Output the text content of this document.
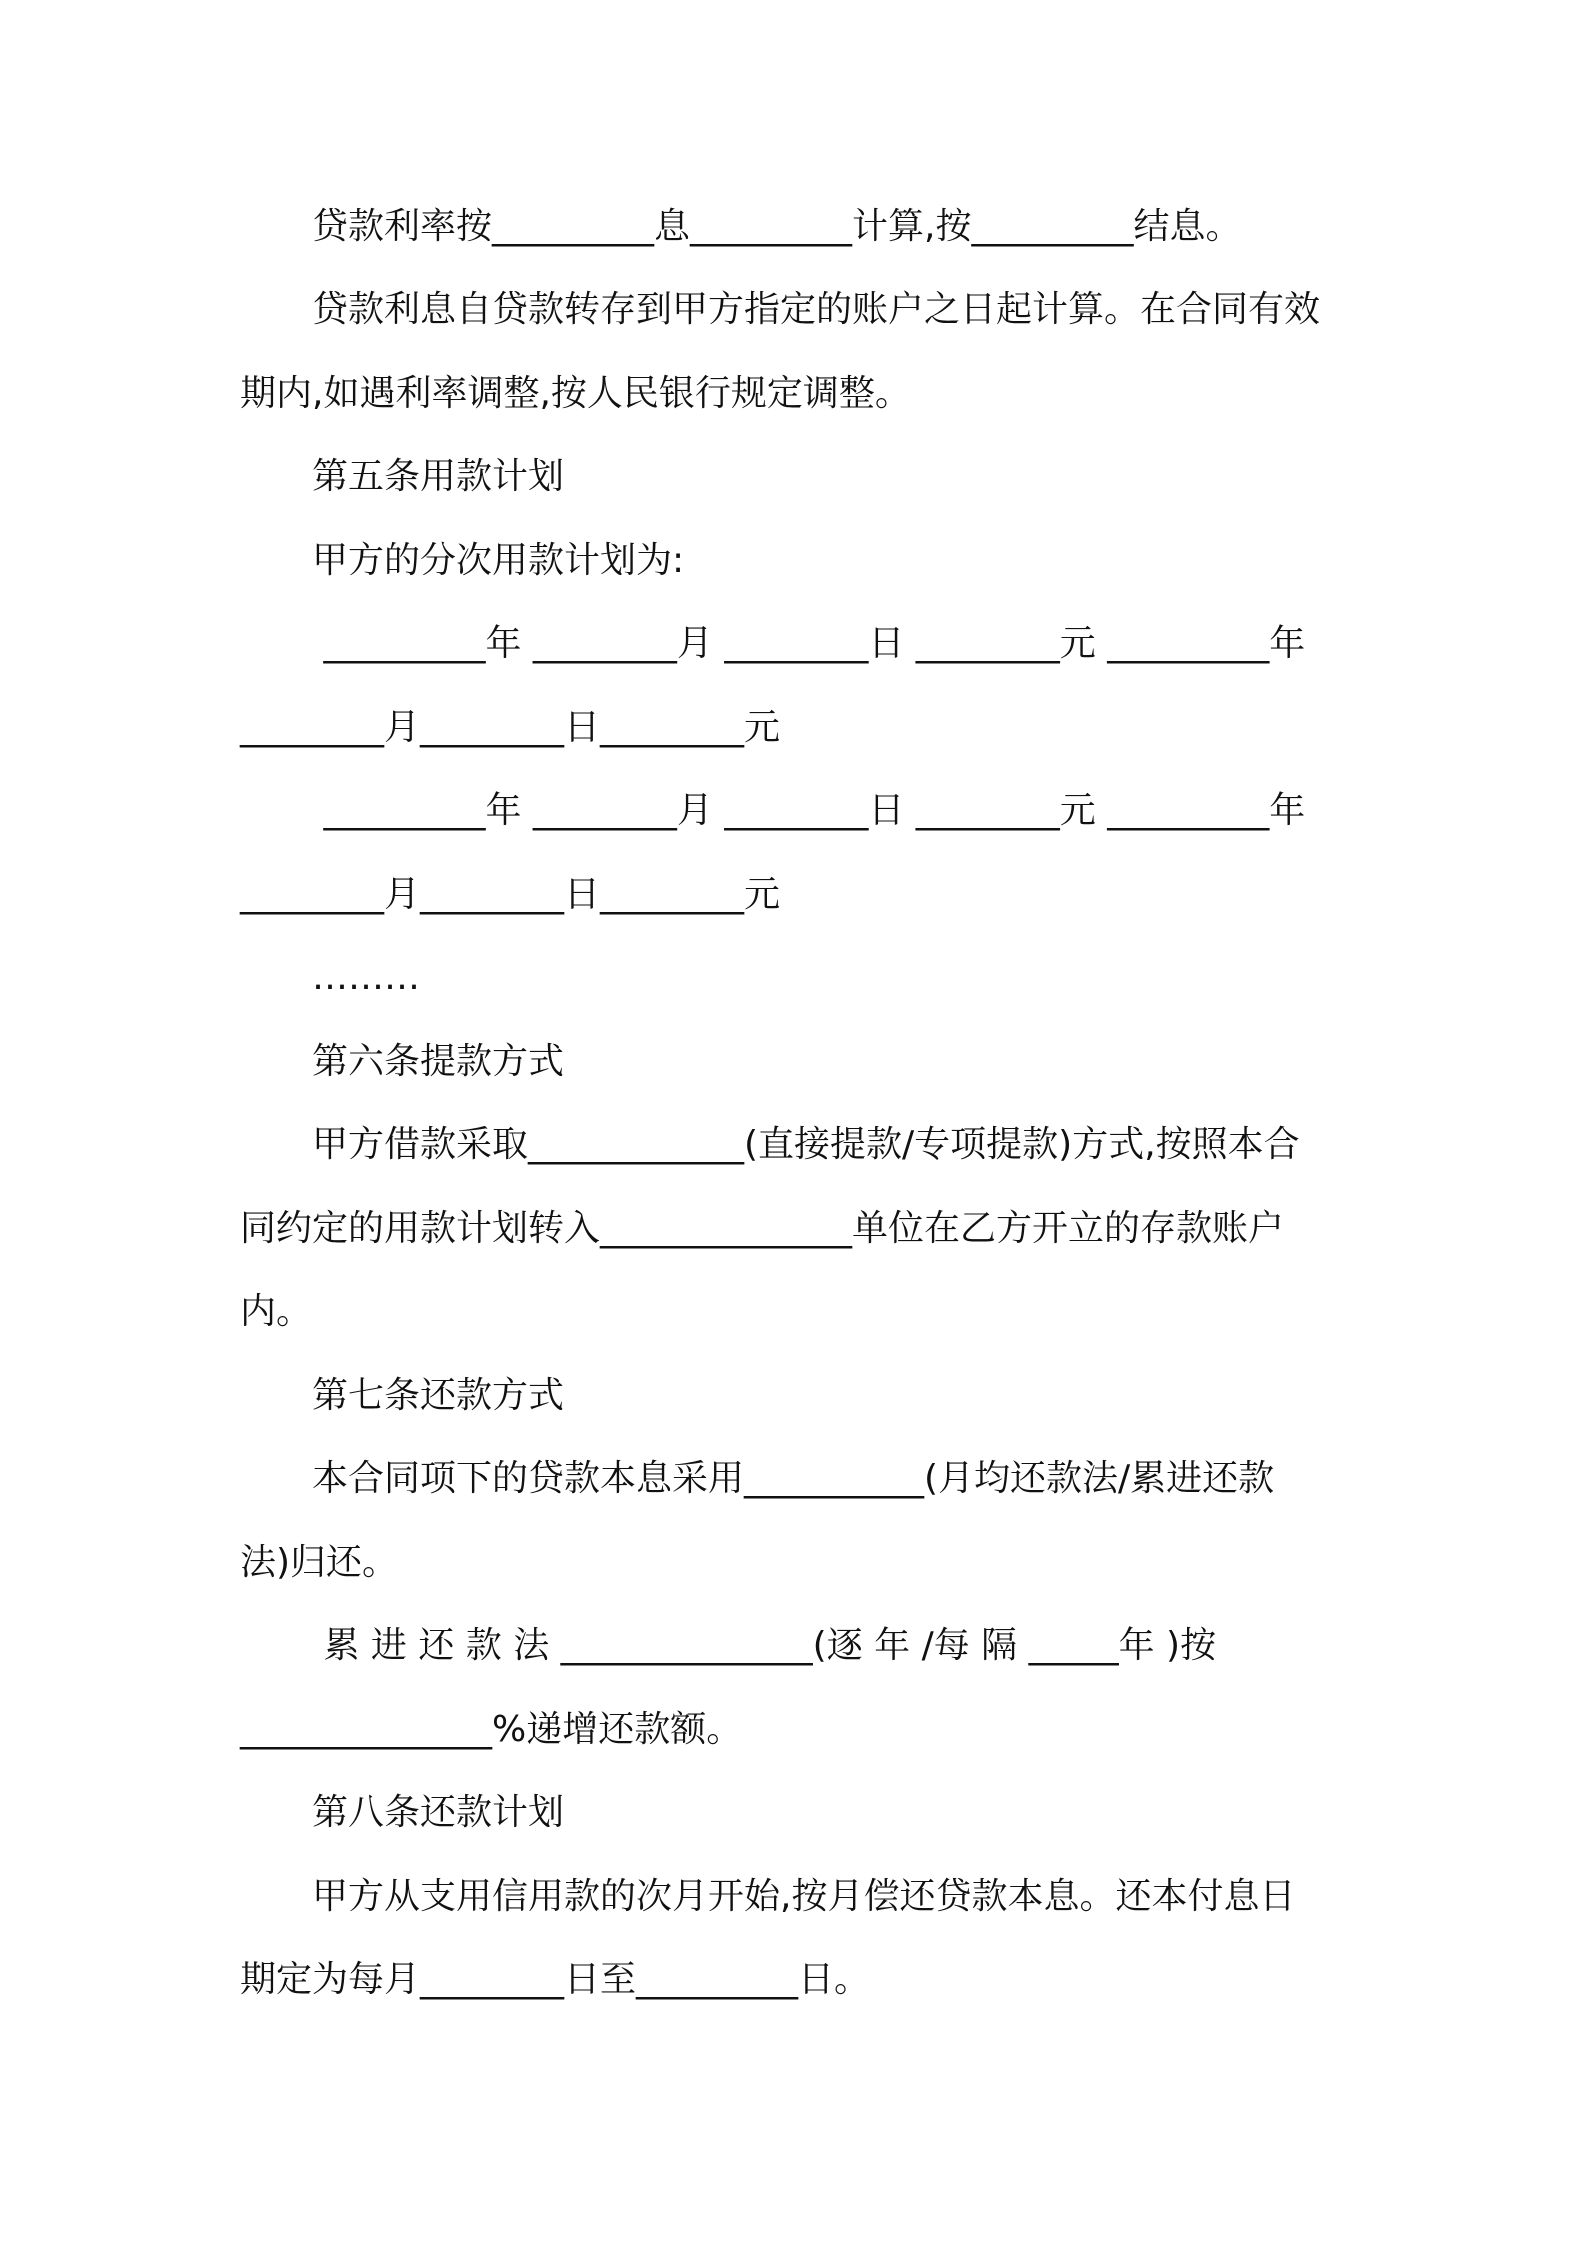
　　贷款利率按_________息_________计算,按_________结息。

　　贷款利息自贷款转存到甲方指定的账户之日起计算。在合同有效

期内,如遇利率调整,按人民银行规定调整。

　　第五条用款计划

　　甲方的分次用款计划为:

　　 _________年 ________月 ________日 ________元 _________年

________月________日________元

　　 _________年 ________月 ________日 ________元 _________年

________月________日________元

　　………

　　第六条提款方式

　　甲方借款采取____________(直接提款/专项提款)方式,按照本合

同约定的用款计划转入______________单位在乙方开立的存款账户

内。

　　第七条还款方式

　　本合同项下的贷款本息采用__________(月均还款法/累进还款

法)归还。

　　 累 进 还 款 法 ______________(逐 年 /每 隔 _____年 )按

______________%递增还款额。

　　第八条还款计划

　　甲方从支用信用款的次月开始,按月偿还贷款本息。还本付息日

期定为每月________日至_________日。
